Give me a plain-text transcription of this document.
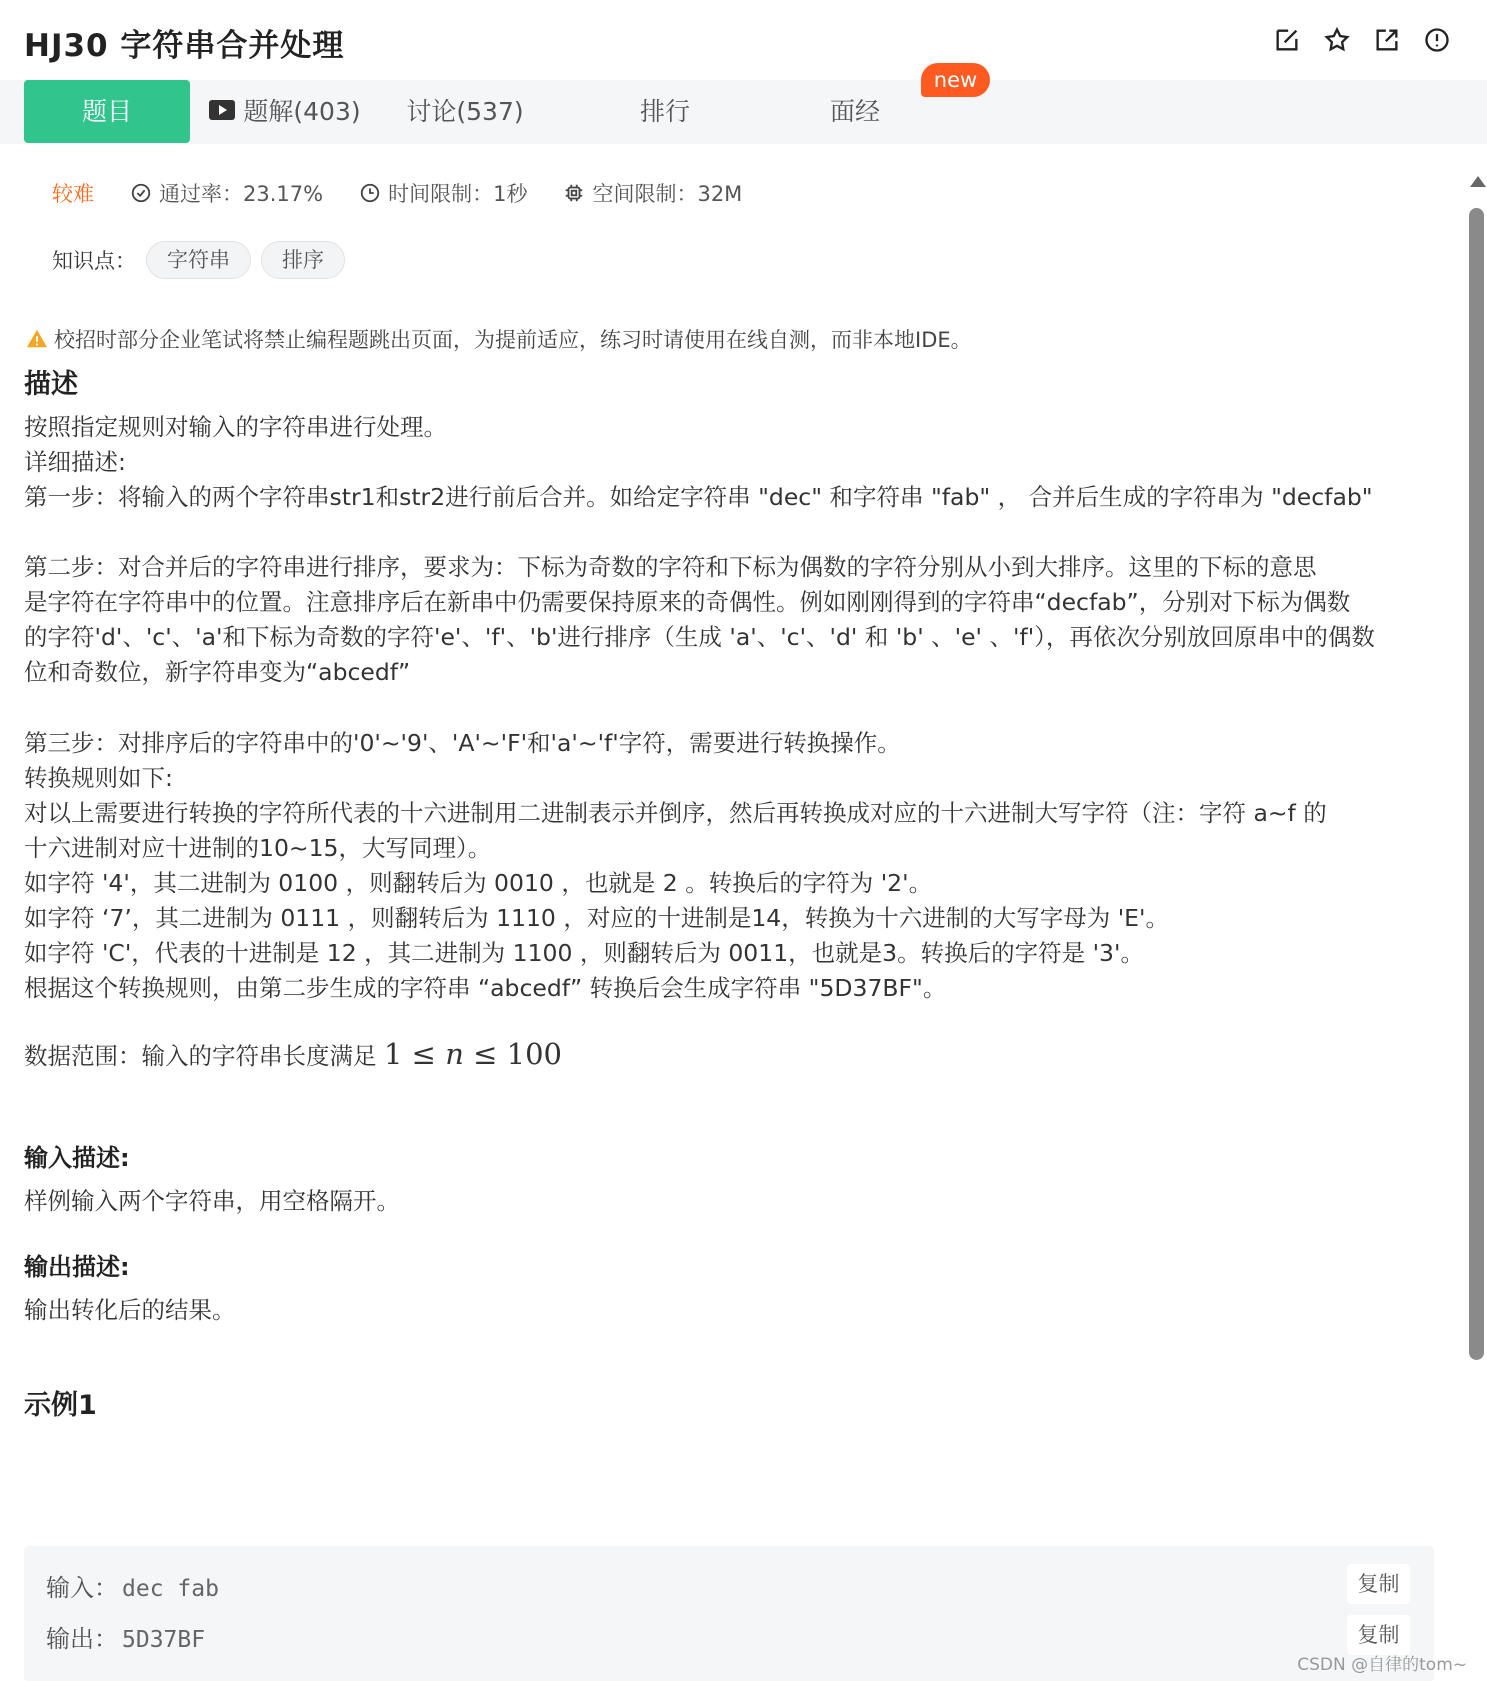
HJ30 字符串合并处理
题目	题解(403) 讨论(537)	排行	面经
new
较难	通过率：23.17%	时间限制：1秒	空间限制：32M
知识点：	字符串	排序
校招时部分企业笔试将禁止编程题跳出页面，为提前适应，练习时请使用在线自测，而非本地IDE。
描述
按照指定规则对输入的字符串进行处理。
详细描述:
第一步：将输入的两个字符串str1和str2进行前后合并。如给定字符串 "dec" 和字符串 "fab" ， 合并后生成的字符串为 "decfab"
第二步：对合并后的字符串进行排序，要求为：下标为奇数的字符和下标为偶数的字符分别从小到大排序。这里的下标的意思
是字符在字符串中的位置。注意排序后在新串中仍需要保持原来的奇偶性。例如刚刚得到的字符串“decfab”，分别对下标为偶数
的字符'd'、'c'、'a'和下标为奇数的字符'e'、'f'、'b'进行排序（生成 'a'、'c'、'd' 和 'b' 、'e' 、'f'），再依次分别放回原串中的偶数
位和奇数位，新字符串变为“abcedf”
第三步：对排序后的字符串中的'0'~'9'、'A'~'F'和'a'~'f'字符，需要进行转换操作。
转换规则如下:
对以上需要进行转换的字符所代表的十六进制用二进制表示并倒序，然后再转换成对应的十六进制大写字符（注：字符 a~f 的
十六进制对应十进制的10~15，大写同理）。
如字符 '4'，其二进制为 0100 ，则翻转后为 0010 ，也就是 2 。转换后的字符为 '2'。
如字符 ‘7’，其二进制为 0111 ，则翻转后为 1110 ，对应的十进制是14，转换为十六进制的大写字母为 'E'。
如字符 'C'，代表的十进制是 12 ，其二进制为 1100 ，则翻转后为 0011，也就是3。转换后的字符是 '3'。
根据这个转换规则，由第二步生成的字符串 “abcedf” 转换后会生成字符串 "5D37BF"。
数据范围：输入的字符串长度满足 1 ≤ n ≤ 100
输入描述:
样例输入两个字符串，用空格隔开。
输出描述:
输出转化后的结果。
示例1
输入： dec fab	复制
输出： 5D37BF	复制
CSDN @自律的tom~
